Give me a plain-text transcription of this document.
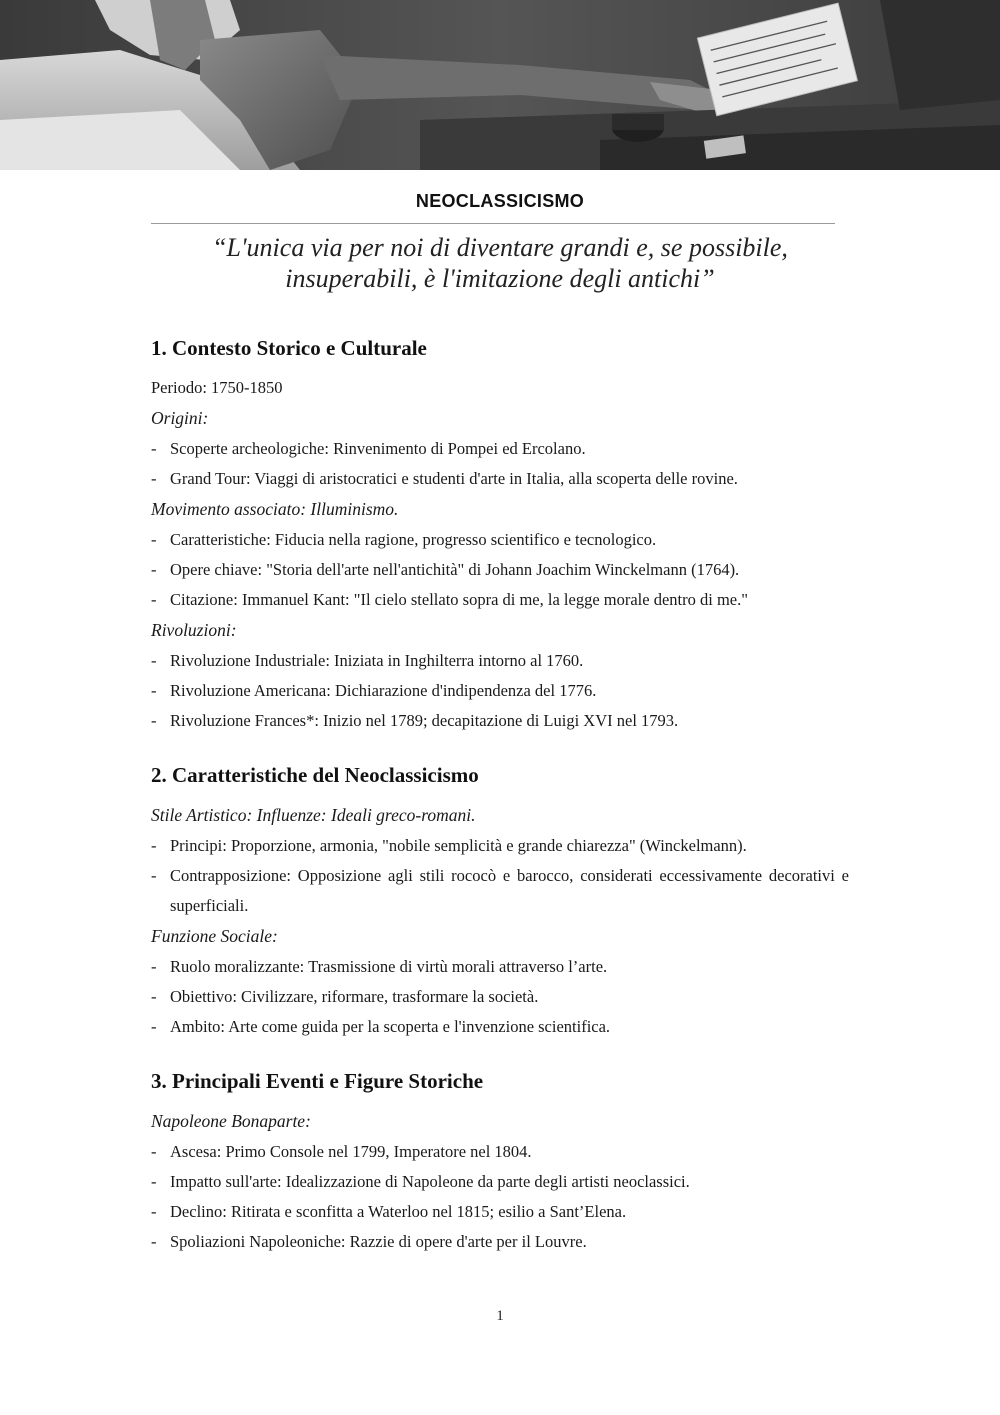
NEOCLASSICISMO
“L'unica via per noi di diventare grandi e, se possibile,
insuperabili, è l'imitazione degli antichi”
1. Contesto Storico e Culturale

Periodo: 1750-1850

Origini:

- Scoperte archeologiche: Rinvenimento di Pompei ed Ercolano.
- Grand Tour: Viaggi di aristocratici e studenti d'arte in Italia, alla scoperta delle rovine.

Movimento associato: Illuminismo.

- Caratteristiche: Fiducia nella ragione, progresso scientifico e tecnologico.
- Opere chiave: "Storia dell'arte nell'antichità" di Johann Joachim Winckelmann (1764).
- Citazione: Immanuel Kant: "Il cielo stellato sopra di me, la legge morale dentro di me."

Rivoluzioni:

- Rivoluzione Industriale: Iniziata in Inghilterra intorno al 1760.
- Rivoluzione Americana: Dichiarazione d'indipendenza del 1776.
- Rivoluzione Frances*: Inizio nel 1789; decapitazione di Luigi XVI nel 1793.
2. Caratteristiche del Neoclassicismo

Stile Artistico: Influenze: Ideali greco-romani.

- Principi: Proporzione, armonia, "nobile semplicità e grande chiarezza" (Winckelmann).
- Contrapposizione: Opposizione agli stili rococò e barocco, considerati eccessivamente decorativi e superficiali.

Funzione Sociale:

- Ruolo moralizzante: Trasmissione di virtù morali attraverso l’arte.
- Obiettivo: Civilizzare, riformare, trasformare la società.
- Ambito: Arte come guida per la scoperta e l'invenzione scientifica.
3. Principali Eventi e Figure Storiche

Napoleone Bonaparte:

- Ascesa: Primo Console nel 1799, Imperatore nel 1804.
- Impatto sull'arte: Idealizzazione di Napoleone da parte degli artisti neoclassici.
- Declino: Ritirata e sconfitta a Waterloo nel 1815; esilio a Sant’Elena.
- Spoliazioni Napoleoniche: Razzie di opere d'arte per il Louvre.
1
